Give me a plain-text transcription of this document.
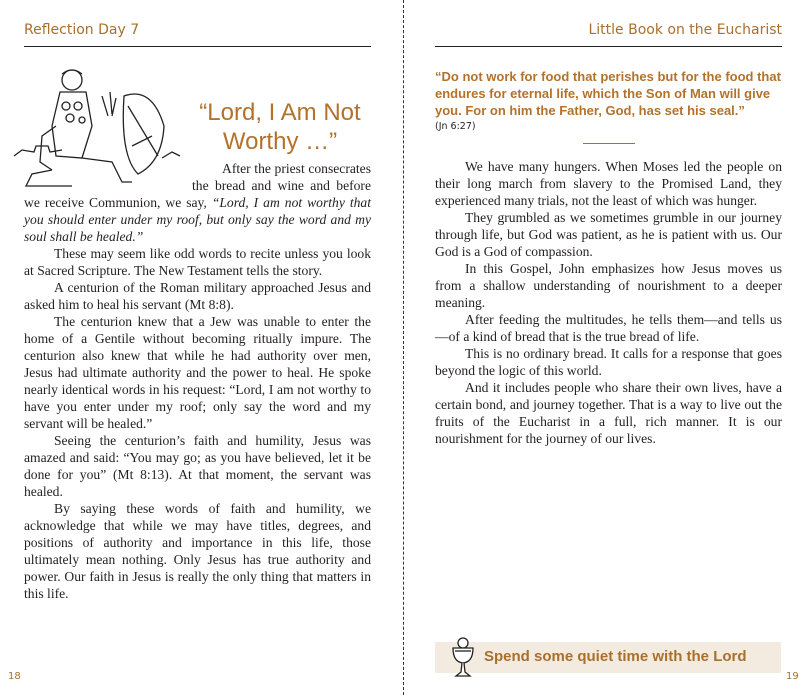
Reflection Day 7	Little Book on the Eucharist
“Lord, I Am Not
Worthy …”

After the priest consecrates the bread and wine and before we receive Communion, we say, “Lord, I am not worthy that you should enter under my roof, but only say the word and my soul shall be healed.”

These may seem like odd words to recite unless you look at Sacred Scripture. The New Testament tells the story.

A centurion of the Roman military approached Jesus and asked him to heal his servant (Mt 8:8).

The centurion knew that a Jew was unable to enter the home of a Gentile without becoming ritually impure. The centurion also knew that while he had authority over men, Jesus had ultimate authority and the power to heal. He spoke nearly identical words in his request: “Lord, I am not worthy to have you enter under my roof; only say the word and my servant will be healed.”

Seeing the centurion’s faith and humility, Jesus was amazed and said: “You may go; as you have believed, let it be done for you” (Mt 8:13). At that moment, the servant was healed.

By saying these words of faith and humility, we acknowledge that while we may have titles, degrees, and positions of authority and importance in this life, those ultimately mean nothing. Only Jesus has true authority and power. Our faith in Jesus is really the only thing that matters in this life.

“Do not work for food that perishes but for the food that endures for eternal life, which the Son of Man will give you. For on him the Father, God, has set his seal.”
(Jn 6:27)

We have many hungers. When Moses led the people on their long march from slavery to the Promised Land, they experienced many trials, not the least of which was hunger.

They grumbled as we sometimes grumble in our journey through life, but God was patient, as he is patient with us. Our God is a God of compassion.

In this Gospel, John emphasizes how Jesus moves us from a shallow understanding of nourishment to a deeper meaning.

After feeding the multitudes, he tells them—and tells us—of a kind of bread that is the true bread of life.

This is no ordinary bread. It calls for a response that goes beyond the logic of this world.

And it includes people who share their own lives, have a certain bond, and journey together. That is a way to live out the fruits of the Eucharist in a full, rich manner. It is our nourishment for the journey of our lives.

Spend some quiet time with the Lord
18	19
